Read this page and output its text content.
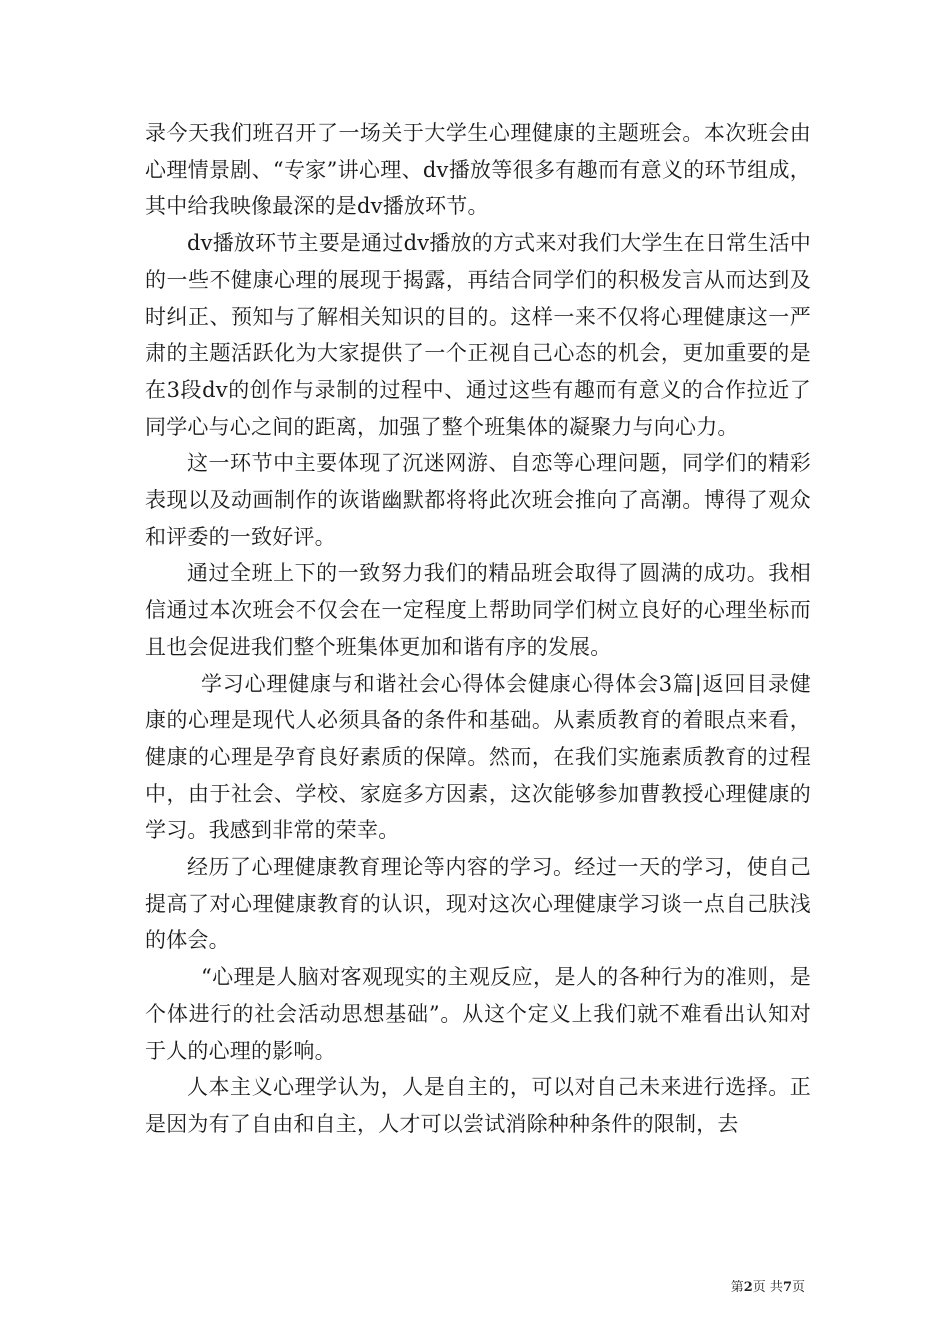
录今天我们班召开了一场关于大学生心理健康的主题班会。本次班会由心理情景剧、“专家”讲心理、dv播放等很多有趣而有意义的环节组成，其中给我映像最深的是dv播放环节。

dv播放环节主要是通过dv播放的方式来对我们大学生在日常生活中的一些不健康心理的展现于揭露，再结合同学们的积极发言从而达到及时纠正、预知与了解相关知识的目的。这样一来不仅将心理健康这一严肃的主题活跃化为大家提供了一个正视自己心态的机会，更加重要的是在3段dv的创作与录制的过程中、通过这些有趣而有意义的合作拉近了同学心与心之间的距离，加强了整个班集体的凝聚力与向心力。

这一环节中主要体现了沉迷网游、自恋等心理问题，同学们的精彩表现以及动画制作的诙谐幽默都将将此次班会推向了高潮。博得了观众和评委的一致好评。

通过全班上下的一致努力我们的精品班会取得了圆满的成功。我相信通过本次班会不仅会在一定程度上帮助同学们树立良好的心理坐标而且也会促进我们整个班集体更加和谐有序的发展。

学习心理健康与和谐社会心得体会健康心得体会3篇|返回目录健康的心理是现代人必须具备的条件和基础。从素质教育的着眼点来看，健康的心理是孕育良好素质的保障。然而，在我们实施素质教育的过程中，由于社会、学校、家庭多方因素，这次能够参加曹教授心理健康的学习。我感到非常的荣幸。

经历了心理健康教育理论等内容的学习。经过一天的学习，使自己提高了对心理健康教育的认识，现对这次心理健康学习谈一点自己肤浅的体会。

“心理是人脑对客观现实的主观反应，是人的各种行为的准则，是个体进行的社会活动思想基础”。从这个定义上我们就不难看出认知对于人的心理的影响。

人本主义心理学认为，人是自主的，可以对自己未来进行选择。正是因为有了自由和自主，人才可以尝试消除种种条件的限制，去

第2页 共7页
